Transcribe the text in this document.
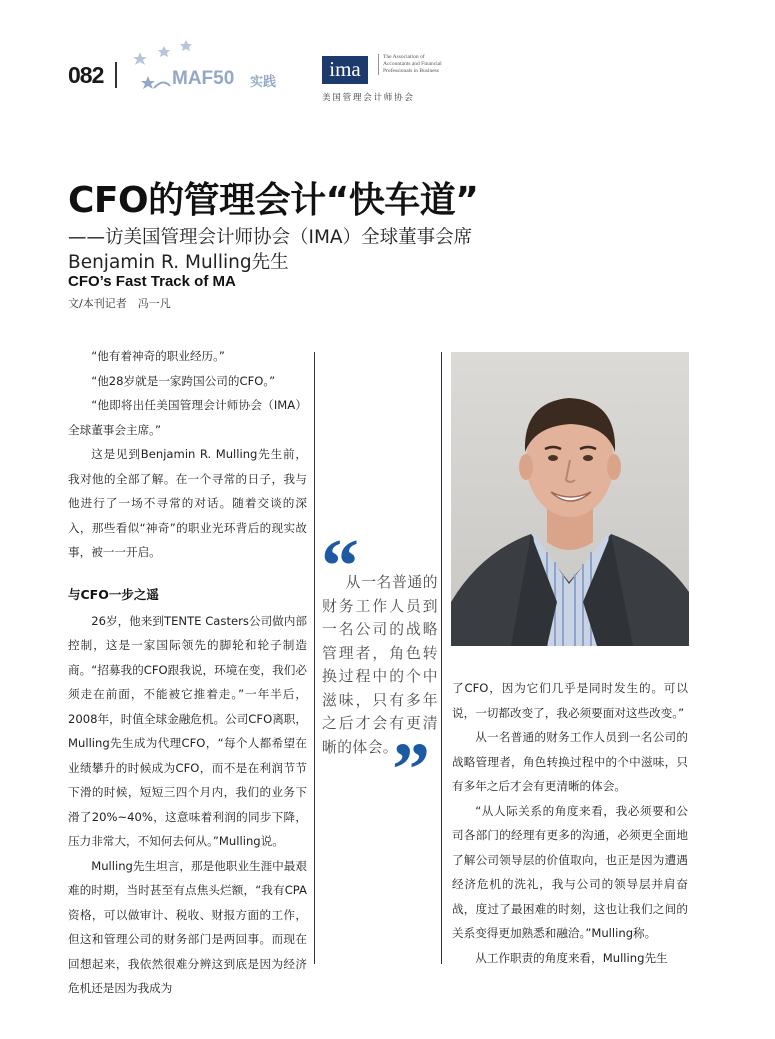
082	MAF50 实践
ima	The Association of Accountants and Financial Professionals in Business
美国管理会计师协会
CFO的管理会计“快车道”
——访美国管理会计师协会（IMA）全球董事会席
Benjamin R. Mulling先生
CFO’s Fast Track of MA
文/本刊记者　冯一凡

“他有着神奇的职业经历。”

“他28岁就是一家跨国公司的CFO。”

“他即将出任美国管理会计师协会（IMA）全球董事会主席。”

这是见到Benjamin R. Mulling先生前，我对他的全部了解。在一个寻常的日子，我与他进行了一场不寻常的对话。随着交谈的深入，那些看似“神奇”的职业光环背后的现实故事，被一一开启。

与CFO一步之遥

26岁，他来到TENTE Casters公司做内部控制，这是一家国际领先的脚轮和轮子制造商。“招募我的CFO跟我说，环境在变，我们必须走在前面，不能被它推着走。”一年半后，2008年，时值全球金融危机。公司CFO离职，Mulling先生成为代理CFO，“每个人都希望在业绩攀升的时候成为CFO，而不是在利润节节下滑的时候，短短三四个月内，我们的业务下滑了20%~40%，这意味着利润的同步下降，压力非常大，不知何去何从。”Mulling说。

Mulling先生坦言，那是他职业生涯中最艰难的时期，当时甚至有点焦头烂额，“我有CPA资格，可以做审计、税收、财报方面的工作，但这和管理公司的财务部门是两回事。而现在回想起来，我依然很难分辨这到底是因为经济危机还是因为我成为

“
从一名普通的财务工作人员到一名公司的战略管理者，角色转换过程中的个中滋味，只有多年之后才会有更清晰的体会。
”

了CFO，因为它们几乎是同时发生的。可以说，一切都改变了，我必须要面对这些改变。”

从一名普通的财务工作人员到一名公司的战略管理者，角色转换过程中的个中滋味，只有多年之后才会有更清晰的体会。

“从人际关系的角度来看，我必须要和公司各部门的经理有更多的沟通，必须更全面地了解公司领导层的价值取向，也正是因为遭遇经济危机的洗礼，我与公司的领导层并肩奋战，度过了最困难的时刻，这也让我们之间的关系变得更加熟悉和融洽。”Mulling称。

从工作职责的角度来看，Mulling先生
